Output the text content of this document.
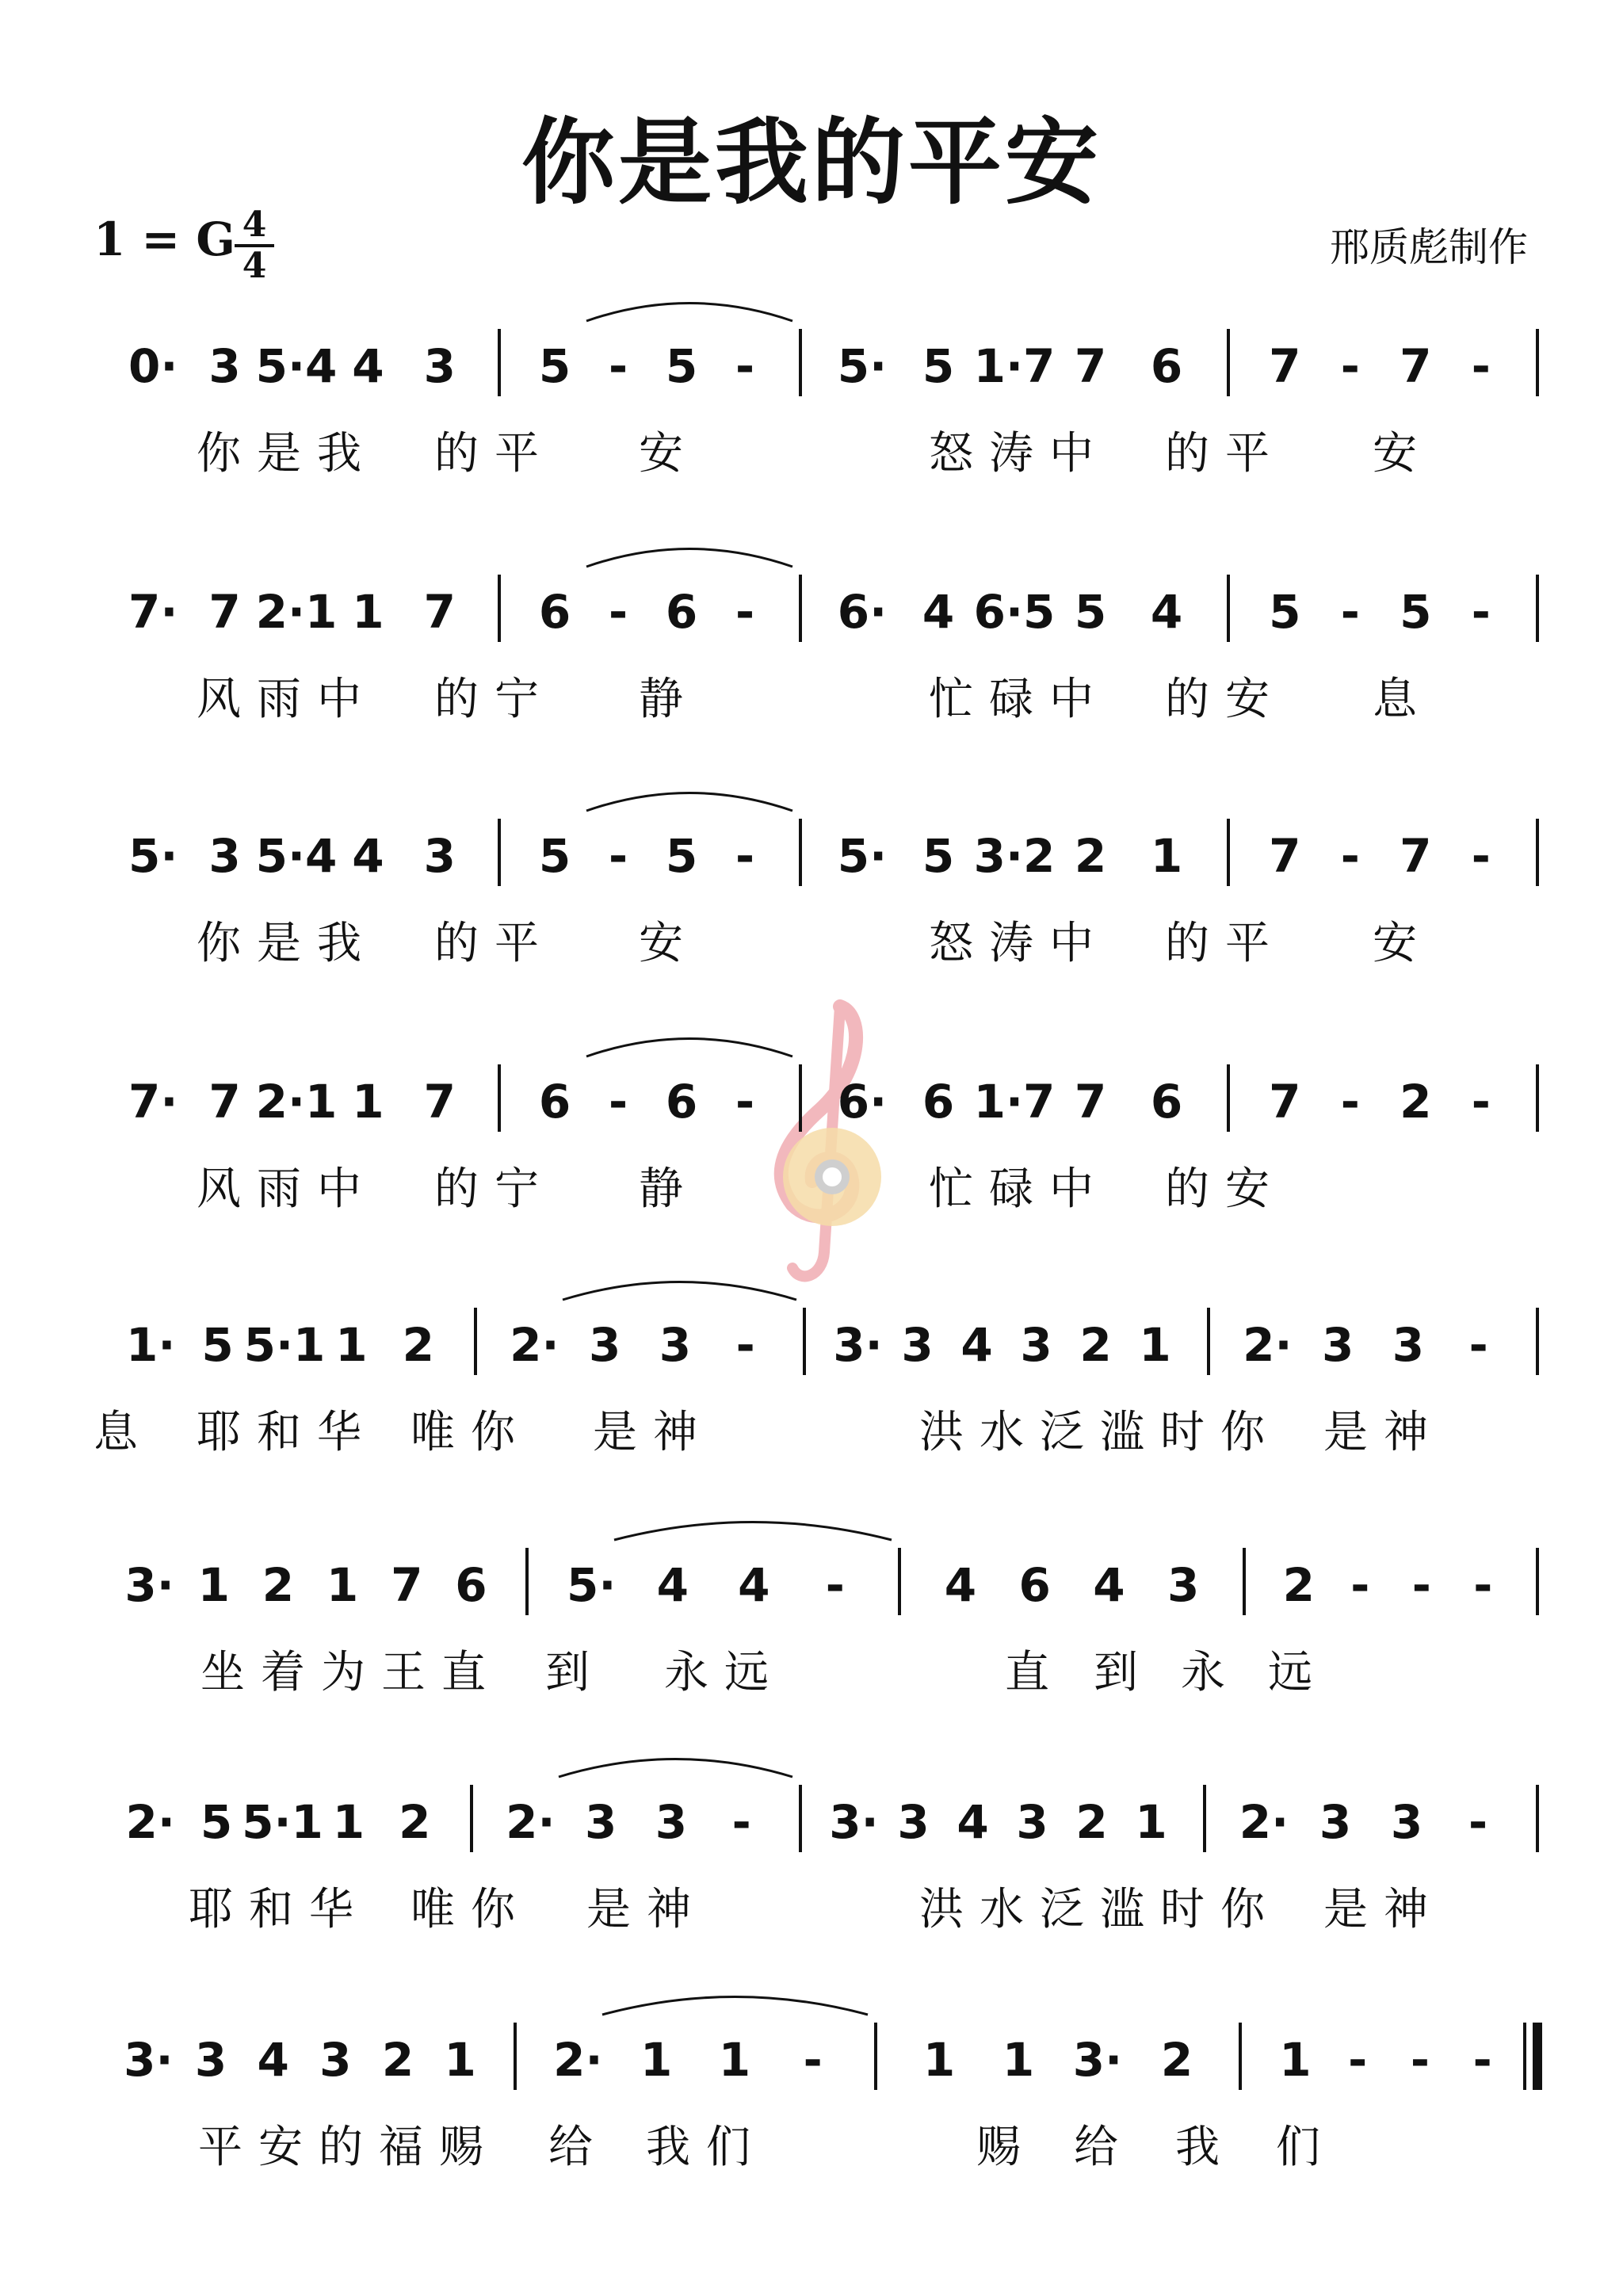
你是我的平安
1 = G 4
4	邢质彪制作
0· 3 5·4 4 3 5 - 5 - 5· 5 1·7 7 6 7 - 7 -
你是我 的平 安	怒涛中 的平 安
7· 7 2·1 1 7 6 - 6 - 6· 4 6·5 5 4 5 - 5 -
风雨中 的宁 静	忙碌中 的安 息
5· 3 5·4 4 3 5 - 5 - 5· 5 3·2 2 1 7 - 7 -
你是我 的平 安	怒涛中 的平 安
7· 7 2·1 1 7 6 - 6 - 6· 6 1·7 7 6 7 - 2 -
风雨中 的宁 静	忙碌中 的安
1· 5 5·1 1 2 2· 3 3 - 3· 3 4 3 2 1 2· 3 3 -
息 耶和华 唯你 是神	洪水泛滥时 你 是神
3· 1 2 1 7 6 5· 4 4 - 4 6 4 3 2 - - -
坐着为王直 到 永远	直 到 永 远
2· 5 5·1 1 2 2· 3 3 - 3· 3 4 3 2 1 2· 3 3 -
耶和华 唯你 是神	洪水泛滥时 你 是神
3· 3 4 3 2 1 2· 1 1 - 1 1 3· 2 1 - - -
平安的福赐 给 我们	赐 给 我 们
